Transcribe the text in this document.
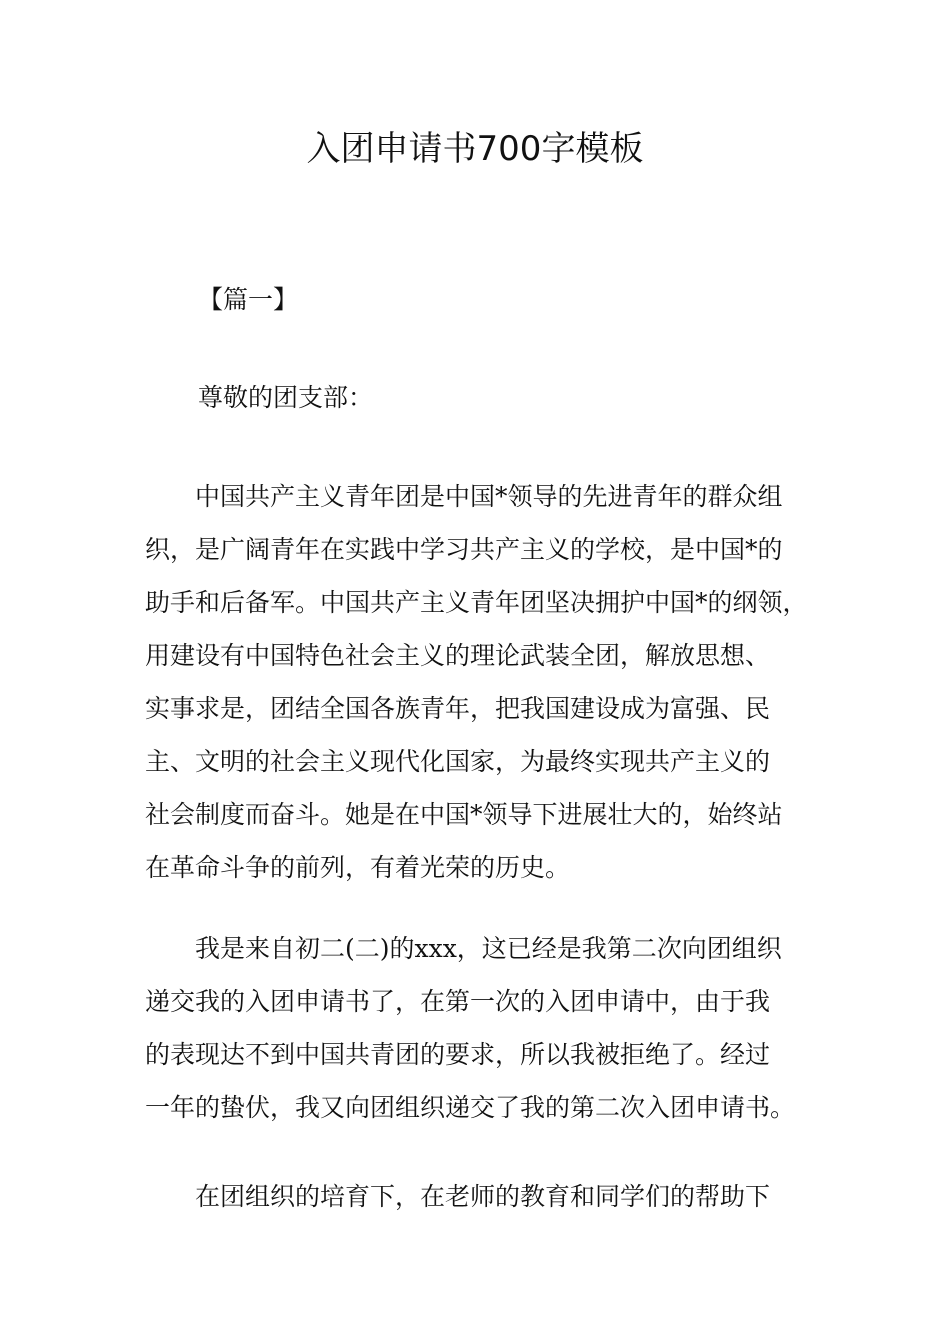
入团申请书700字模板
【篇一】
尊敬的团支部：
　　中国共产主义青年团是中国*领导的先进青年的群众组
织，是广阔青年在实践中学习共产主义的学校，是中国*的
助手和后备军。中国共产主义青年团坚决拥护中国*的纲领，
用建设有中国特色社会主义的理论武装全团，解放思想、
实事求是，团结全国各族青年，把我国建设成为富强、民
主、文明的社会主义现代化国家，为最终实现共产主义的
社会制度而奋斗。她是在中国*领导下进展壮大的，始终站
在革命斗争的前列，有着光荣的历史。
　　我是来自初二(二)的xxx，这已经是我第二次向团组织
递交我的入团申请书了，在第一次的入团申请中，由于我
的表现达不到中国共青团的要求，所以我被拒绝了。经过
一年的蛰伏，我又向团组织递交了我的第二次入团申请书。
　　在团组织的培育下，在老师的教育和同学们的帮助下
